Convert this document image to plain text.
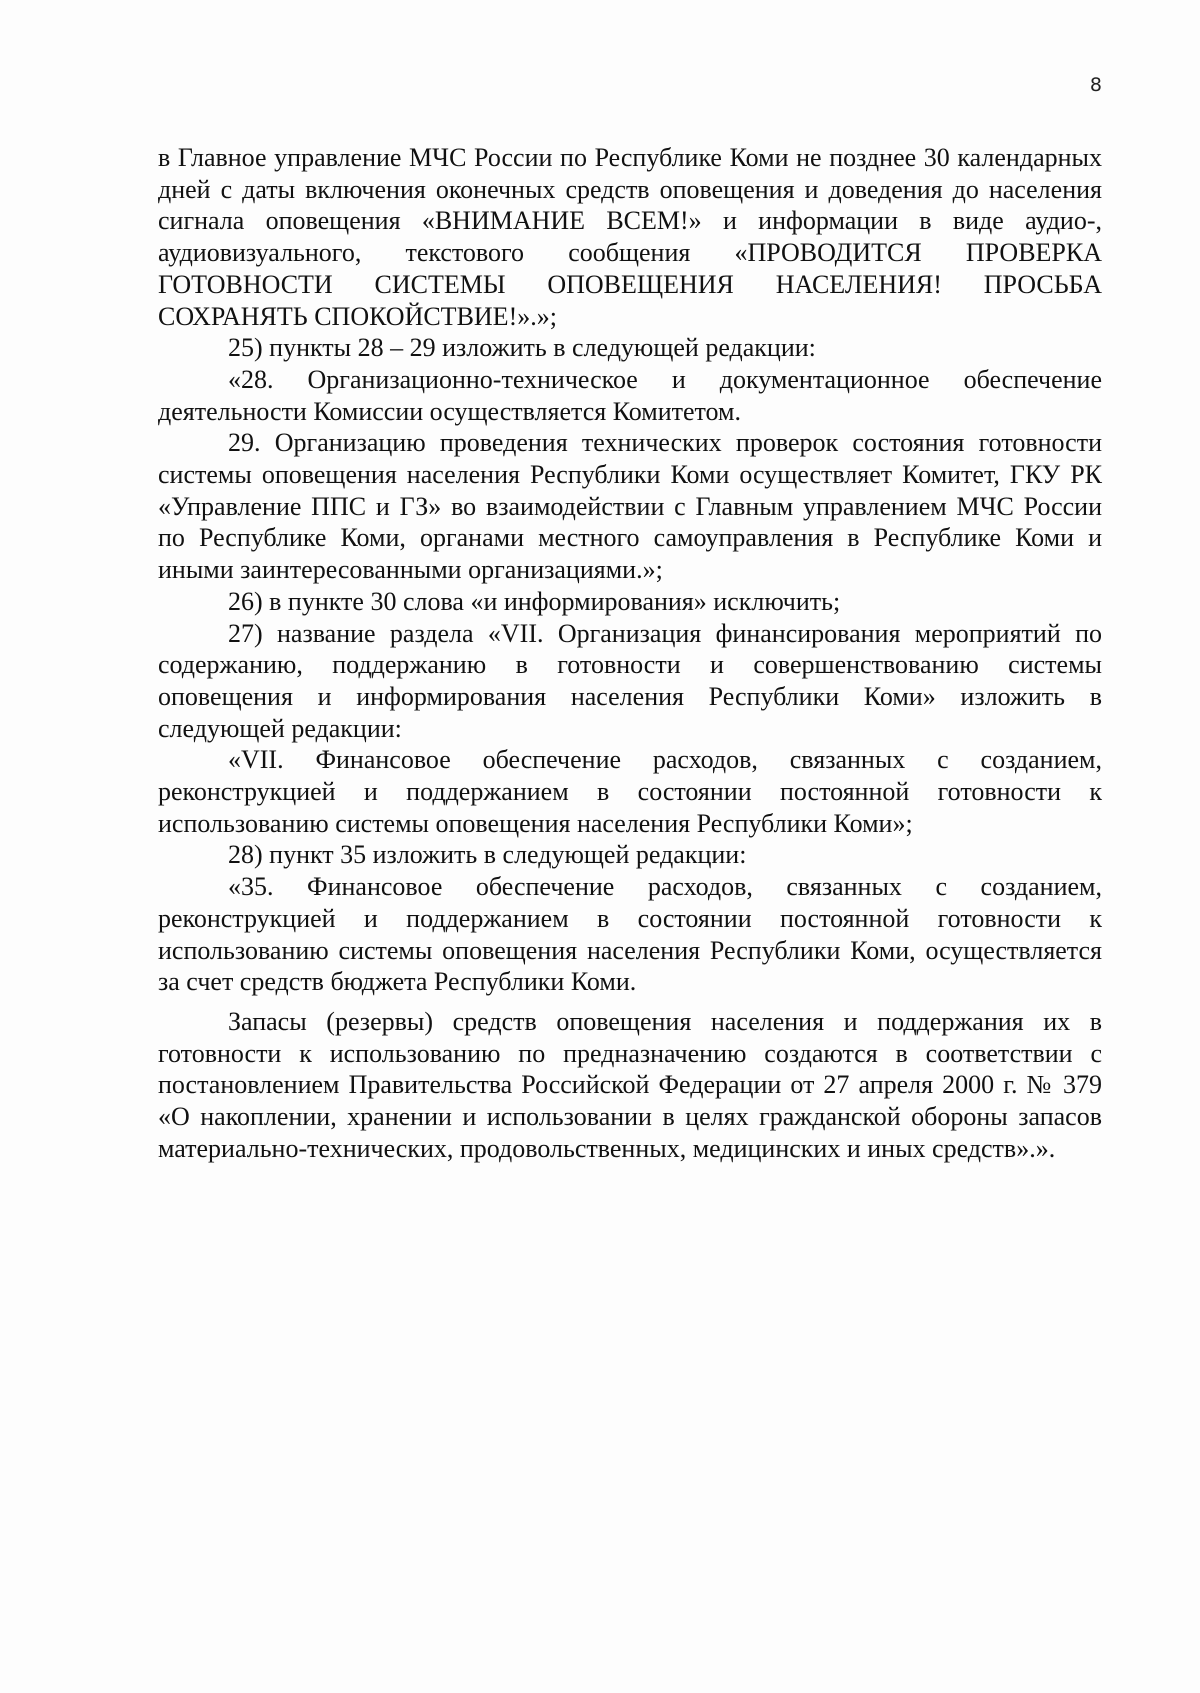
8

в Главное управление МЧС России по Республике Коми не позднее 30 календарных дней с даты включения оконечных средств оповещения и доведения до населения сигнала оповещения «ВНИМАНИЕ ВСЕМ!» и информации в виде аудио-, аудиовизуального, текстового сообщения «ПРОВОДИТСЯ ПРОВЕРКА ГОТОВНОСТИ СИСТЕМЫ ОПОВЕЩЕНИЯ НАСЕЛЕНИЯ! ПРОСЬБА СОХРАНЯТЬ СПОКОЙСТВИЕ!».»;

25) пункты 28 – 29 изложить в следующей редакции:

«28. Организационно-техническое и документационное обеспечение деятельности Комиссии осуществляется Комитетом.

29. Организацию проведения технических проверок состояния готовности системы оповещения населения Республики Коми осуществляет Комитет, ГКУ РК «Управление ППС и ГЗ» во взаимодействии с Главным управлением МЧС России по Республике Коми, органами местного самоуправления в Республике Коми и иными заинтересованными организациями.»;

26) в пункте 30 слова «и информирования» исключить;

27) название раздела «VII. Организация финансирования мероприятий по содержанию, поддержанию в готовности и совершенствованию системы оповещения и информирования населения Республики Коми» изложить в следующей редакции:

«VII. Финансовое обеспечение расходов, связанных с созданием, реконструкцией и поддержанием в состоянии постоянной готовности к использованию системы оповещения населения Республики Коми»;

28) пункт 35 изложить в следующей редакции:

«35. Финансовое обеспечение расходов, связанных с созданием, реконструкцией и поддержанием в состоянии постоянной готовности к использованию системы оповещения населения Республики Коми, осуществляется за счет средств бюджета Республики Коми.

Запасы (резервы) средств оповещения населения и поддержания их в готовности к использованию по предназначению создаются в соответствии с постановлением Правительства Российской Федерации от 27 апреля 2000 г. № 379 «О накоплении, хранении и использовании в целях гражданской обороны запасов материально-технических, продовольственных, медицинских и иных средств».».
